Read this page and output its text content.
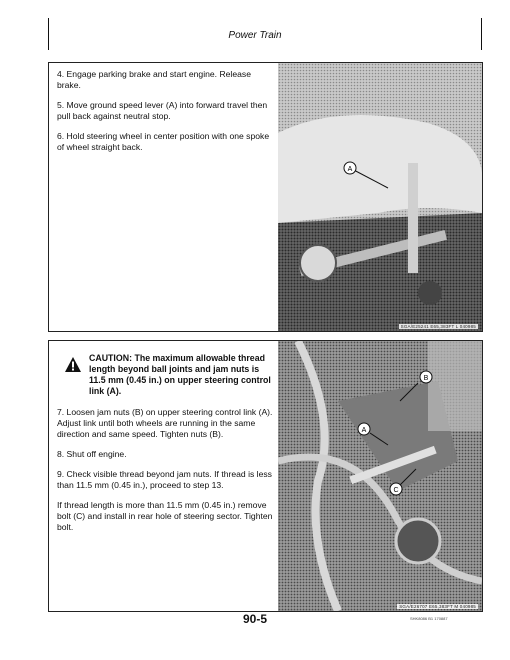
Power Train

4. Engage parking brake and start engine. Release brake.

5. Move ground speed lever (A) into forward travel then pull back against neutral stop.

6. Hold steering wheel in center position with one spoke of wheel straight back.

A
SGA/E25241 E65,383FT L 040985
CAUTION: The maximum allowable thread length beyond ball joints and jam nuts is 11.5 mm (0.45 in.) on upper steering control link (A).

7. Loosen jam nuts (B) on upper steering control link (A). Adjust link until both wheels are running in the same direction and same speed. Tighten nuts (B).

8. Shut off engine.

9. Check visible thread beyond jam nuts. If thread is less than 11.5 mm (0.45 in.), proceed to step 13.

If thread length is more than 11.5 mm (0.45 in.) remove bolt (C) and install in rear hole of steering sector. Tighten bolt.

B
A
C
SGA/E26707 E65,383FT M 040985
90-5	SHK8086 B1 170887
